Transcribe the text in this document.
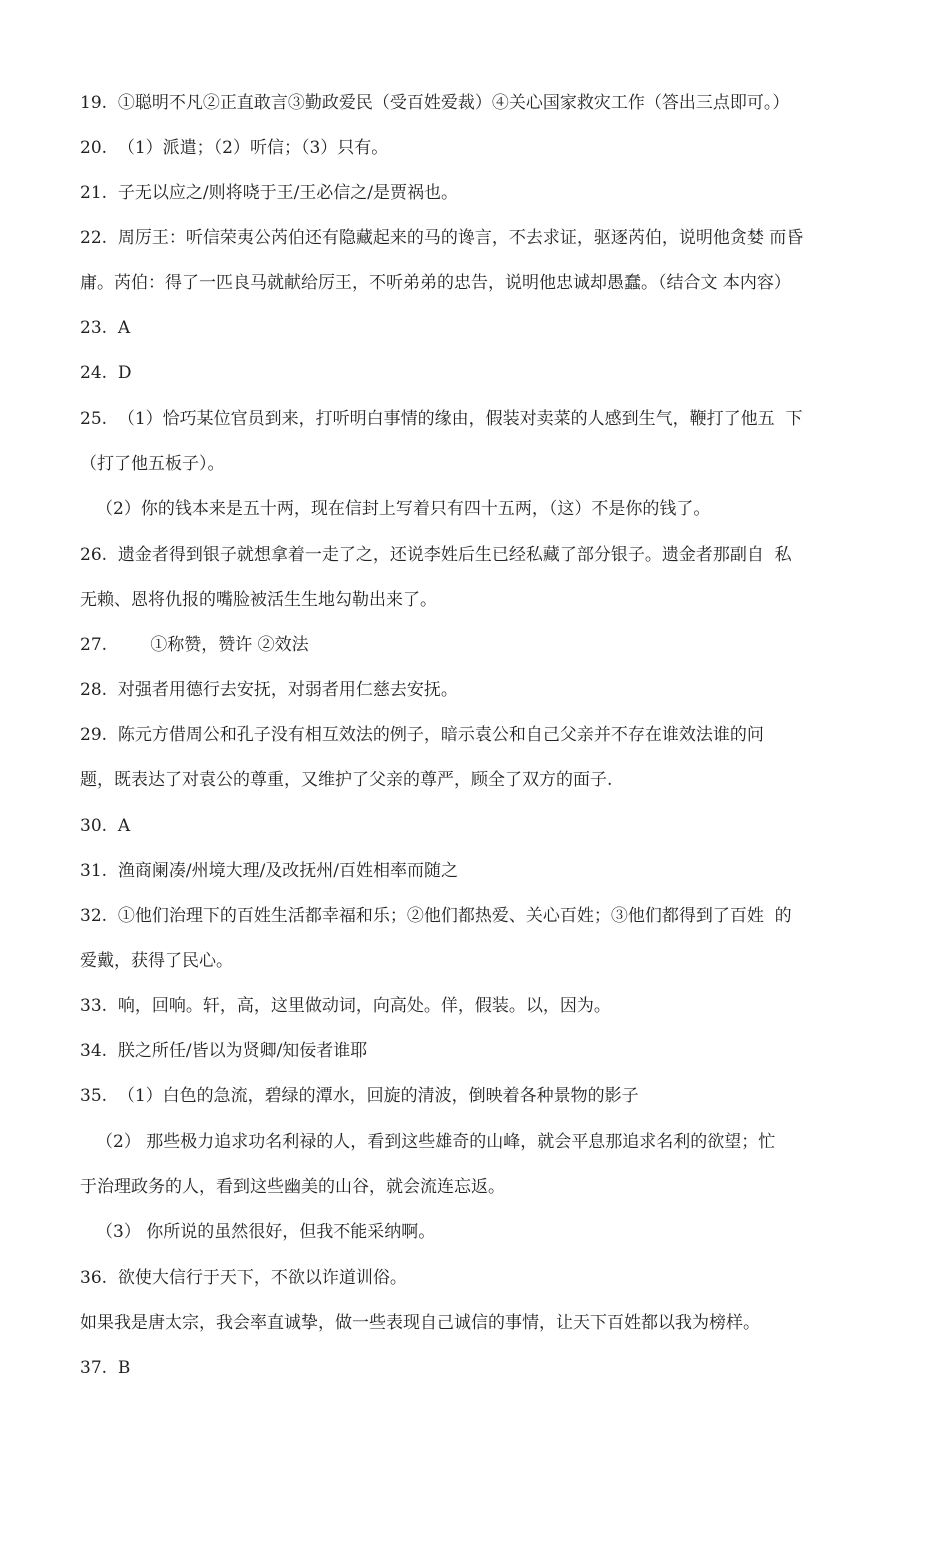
19.  ①聪明不凡②正直敢言③勤政爱民（受百姓爱裁）④关心国家救灾工作（答出三点即可。）
20.  （1）派遣；（2）听信；（3）只有。
21.  子无以应之/则将哓于王/王必信之/是贾祸也。
22.  周厉王：听信荣夷公芮伯还有隐藏起来的马的谗言，不去求证，驱逐芮伯，说明他贪婪 而昏
庸。芮伯：得了一匹良马就献给厉王，不听弟弟的忠告，说明他忠诚却愚蠢。（结合文 本内容）
23.  A
24.  D
25.  （1）恰巧某位官员到来，打听明白事情的缘由，假装对卖菜的人感到生气，鞭打了他五  下
（打了他五板子）。
（2）你的钱本来是五十两，现在信封上写着只有四十五两，（这）不是你的钱了。
26.  遗金者得到银子就想拿着一走了之，还说李姓后生已经私藏了部分银子。遗金者那副自  私
无赖、恩将仇报的嘴脸被活生生地勾勒出来了。
27.        ①称赞，赞许 ②效法
28.  对强者用德行去安抚，对弱者用仁慈去安抚。
29.  陈元方借周公和孔子没有相互效法的例子，暗示袁公和自己父亲并不存在谁效法谁的问
题，既表达了对袁公的尊重，又维护了父亲的尊严，顾全了双方的面子.
30.  A
31.  渔商阑凑/州境大理/及改抚州/百姓相率而随之
32.  ①他们治理下的百姓生活都幸福和乐；②他们都热爱、关心百姓；③他们都得到了百姓  的
爱戴，获得了民心。
33.  响，回响。轩，高，这里做动词，向高处。佯，假装。以，因为。
34.  朕之所任/皆以为贤卿/知佞者谁耶
35.  （1）白色的急流，碧绿的潭水，回旋的清波，倒映着各种景物的影子
（2） 那些极力追求功名利禄的人，看到这些雄奇的山峰，就会平息那追求名利的欲望；忙
于治理政务的人，看到这些幽美的山谷，就会流连忘返。
（3） 你所说的虽然很好，但我不能采纳啊。
36.  欲使大信行于天下，不欲以诈道训俗。
如果我是唐太宗，我会率直诚挚，做一些表现自己诚信的事情，让天下百姓都以我为榜样。
37.  B
